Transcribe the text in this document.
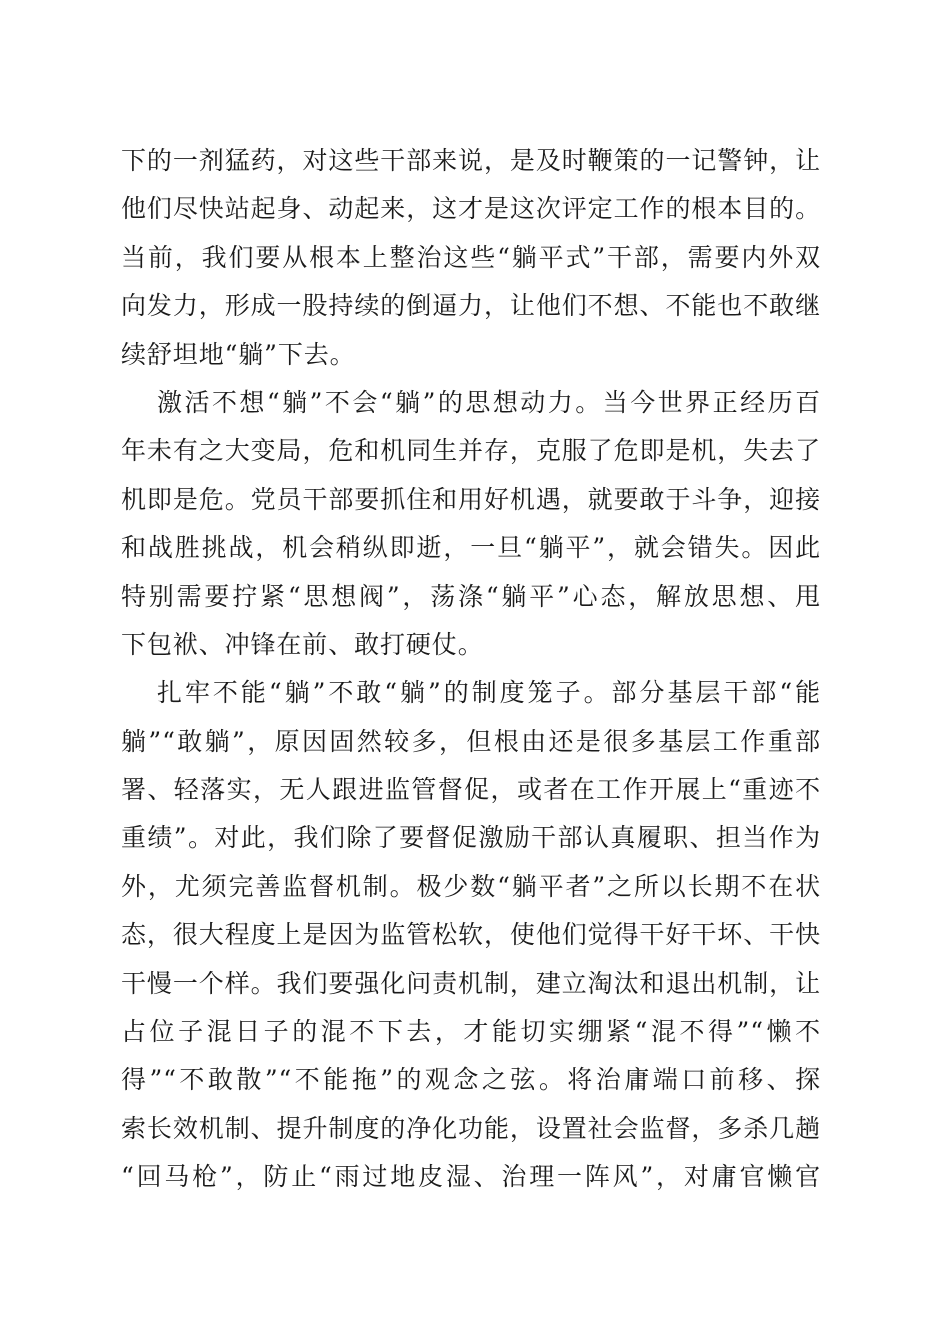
下的一剂猛药，对这些干部来说，是及时鞭策的一记警钟，让
他们尽快站起身、动起来，这才是这次评定工作的根本目的。
当前，我们要从根本上整治这些“躺平式”干部，需要内外双
向发力，形成一股持续的倒逼力，让他们不想、不能也不敢继
续舒坦地“躺”下去。
激活不想“躺”不会“躺”的思想动力。当今世界正经历百
年未有之大变局，危和机同生并存，克服了危即是机，失去了
机即是危。党员干部要抓住和用好机遇，就要敢于斗争，迎接
和战胜挑战，机会稍纵即逝，一旦“躺平”，就会错失。因此
特别需要拧紧“思想阀”，荡涤“躺平”心态，解放思想、甩
下包袱、冲锋在前、敢打硬仗。
扎牢不能“躺”不敢“躺”的制度笼子。部分基层干部“能
躺”“敢躺”，原因固然较多，但根由还是很多基层工作重部
署、轻落实，无人跟进监管督促，或者在工作开展上“重迹不
重绩”。对此，我们除了要督促激励干部认真履职、担当作为
外，尤须完善监督机制。极少数“躺平者”之所以长期不在状
态，很大程度上是因为监管松软，使他们觉得干好干坏、干快
干慢一个样。我们要强化问责机制，建立淘汰和退出机制，让
占位子混日子的混不下去，才能切实绷紧“混不得”“懒不
得”“不敢散”“不能拖”的观念之弦。将治庸端口前移、探
索长效机制、提升制度的净化功能，设置社会监督，多杀几趟
“回马枪”，防止“雨过地皮湿、治理一阵风”，对庸官懒官
